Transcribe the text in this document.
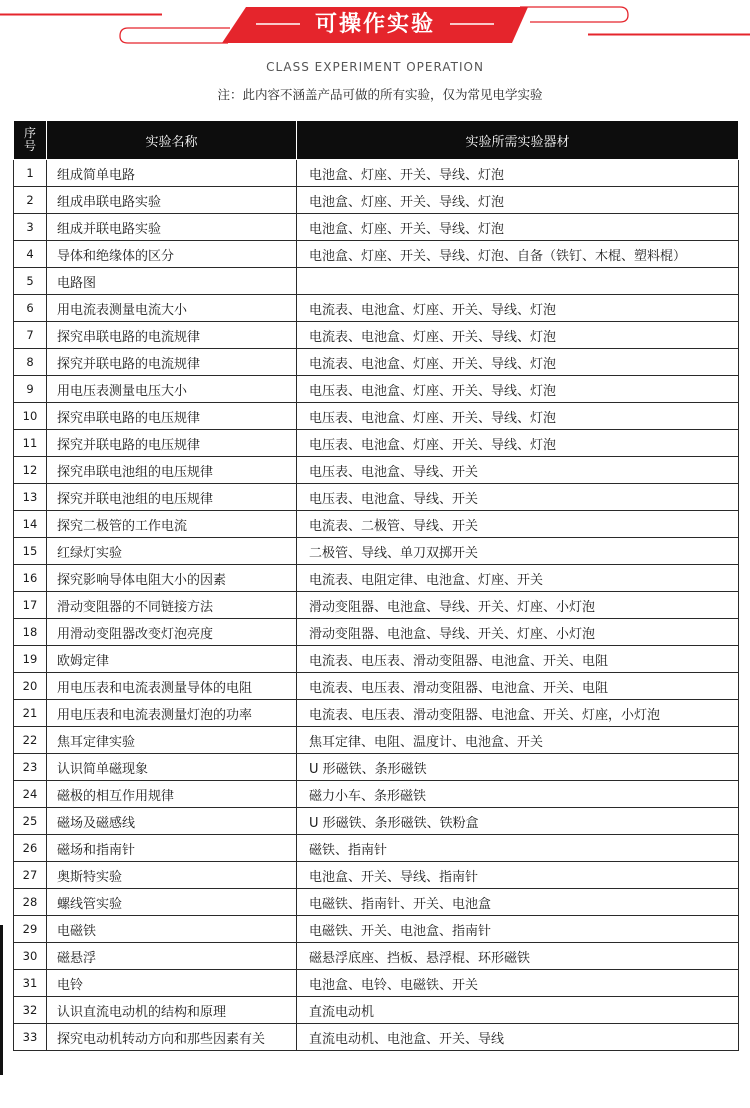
可操作实验
CLASS EXPERIMENT OPERATION
注：此内容不涵盖产品可做的所有实验，仅为常见电学实验
序号	实验名称	实验所需实验器材
1	组成简单电路	电池盒、灯座、开关、导线、灯泡
2	组成串联电路实验	电池盒、灯座、开关、导线、灯泡
3	组成并联电路实验	电池盒、灯座、开关、导线、灯泡
4	导体和绝缘体的区分	电池盒、灯座、开关、导线、灯泡、自备（铁钉、木棍、塑料棍）
5	电路图	
6	用电流表测量电流大小	电流表、电池盒、灯座、开关、导线、灯泡
7	探究串联电路的电流规律	电流表、电池盒、灯座、开关、导线、灯泡
8	探究并联电路的电流规律	电流表、电池盒、灯座、开关、导线、灯泡
9	用电压表测量电压大小	电压表、电池盒、灯座、开关、导线、灯泡
10	探究串联电路的电压规律	电压表、电池盒、灯座、开关、导线、灯泡
11	探究并联电路的电压规律	电压表、电池盒、灯座、开关、导线、灯泡
12	探究串联电池组的电压规律	电压表、电池盒、导线、开关
13	探究并联电池组的电压规律	电压表、电池盒、导线、开关
14	探究二极管的工作电流	电流表、二极管、导线、开关
15	红绿灯实验	二极管、导线、单刀双掷开关
16	探究影响导体电阻大小的因素	电流表、电阻定律、电池盒、灯座、开关
17	滑动变阻器的不同链接方法	滑动变阻器、电池盒、导线、开关、灯座、小灯泡
18	用滑动变阻器改变灯泡亮度	滑动变阻器、电池盒、导线、开关、灯座、小灯泡
19	欧姆定律	电流表、电压表、滑动变阻器、电池盒、开关、电阻
20	用电压表和电流表测量导体的电阻	电流表、电压表、滑动变阻器、电池盒、开关、电阻
21	用电压表和电流表测量灯泡的功率	电流表、电压表、滑动变阻器、电池盒、开关、灯座，小灯泡
22	焦耳定律实验	焦耳定律、电阻、温度计、电池盒、开关
23	认识简单磁现象	U 形磁铁、条形磁铁
24	磁极的相互作用规律	磁力小车、条形磁铁
25	磁场及磁感线	U 形磁铁、条形磁铁、铁粉盒
26	磁场和指南针	磁铁、指南针
27	奥斯特实验	电池盒、开关、导线、指南针
28	螺线管实验	电磁铁、指南针、开关、电池盒
29	电磁铁	电磁铁、开关、电池盒、指南针
30	磁悬浮	磁悬浮底座、挡板、悬浮棍、环形磁铁
31	电铃	电池盒、电铃、电磁铁、开关
32	认识直流电动机的结构和原理	直流电动机
33	探究电动机转动方向和那些因素有关	直流电动机、电池盒、开关、导线
